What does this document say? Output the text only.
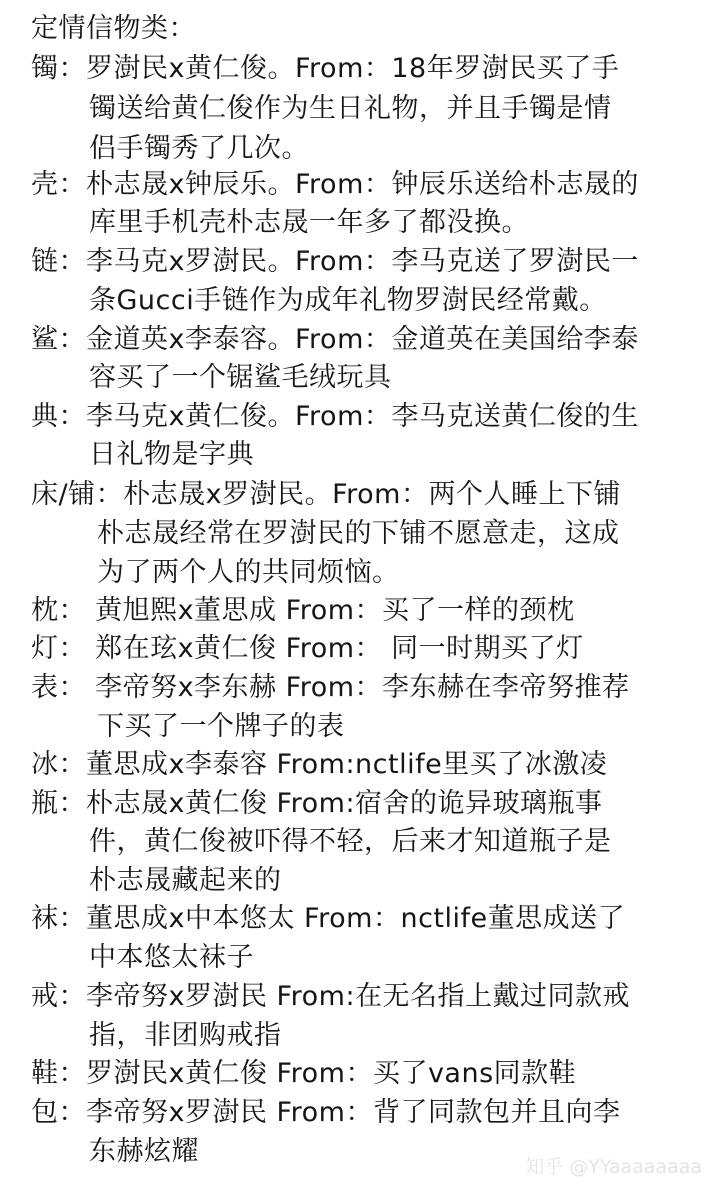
定情信物类：
镯：罗澍民x黄仁俊。From：18年罗澍民买了手
镯送给黄仁俊作为生日礼物，并且手镯是情
侣手镯秀了几次。
壳：朴志晟x钟辰乐。From：钟辰乐送给朴志晟的
库里手机壳朴志晟一年多了都没换。
链：李马克x罗澍民。From：李马克送了罗澍民一
条Gucci手链作为成年礼物罗澍民经常戴。
鲨：金道英x李泰容。From：金道英在美国给李泰
容买了一个锯鲨毛绒玩具
典：李马克x黄仁俊。From：李马克送黄仁俊的生
日礼物是字典
床/铺：朴志晟x罗澍民。From：两个人睡上下铺
朴志晟经常在罗澍民的下铺不愿意走，这成
为了两个人的共同烦恼。
枕： 黄旭熙x董思成 From：买了一样的颈枕
灯： 郑在玹x黄仁俊 From： 同一时期买了灯
表： 李帝努x李东赫 From：李东赫在李帝努推荐
下买了一个牌子的表
冰：董思成x李泰容 From:nctlife里买了冰激凌
瓶：朴志晟x黄仁俊 From:宿舍的诡异玻璃瓶事
件，黄仁俊被吓得不轻，后来才知道瓶子是
朴志晟藏起来的
袜：董思成x中本悠太 From：nctlife董思成送了
中本悠太袜子
戒：李帝努x罗澍民 From:在无名指上戴过同款戒
指，非团购戒指
鞋：罗澍民x黄仁俊 From：买了vans同款鞋
包：李帝努x罗澍民 From：背了同款包并且向李
东赫炫耀	知乎 @YYaaaaaaaa
